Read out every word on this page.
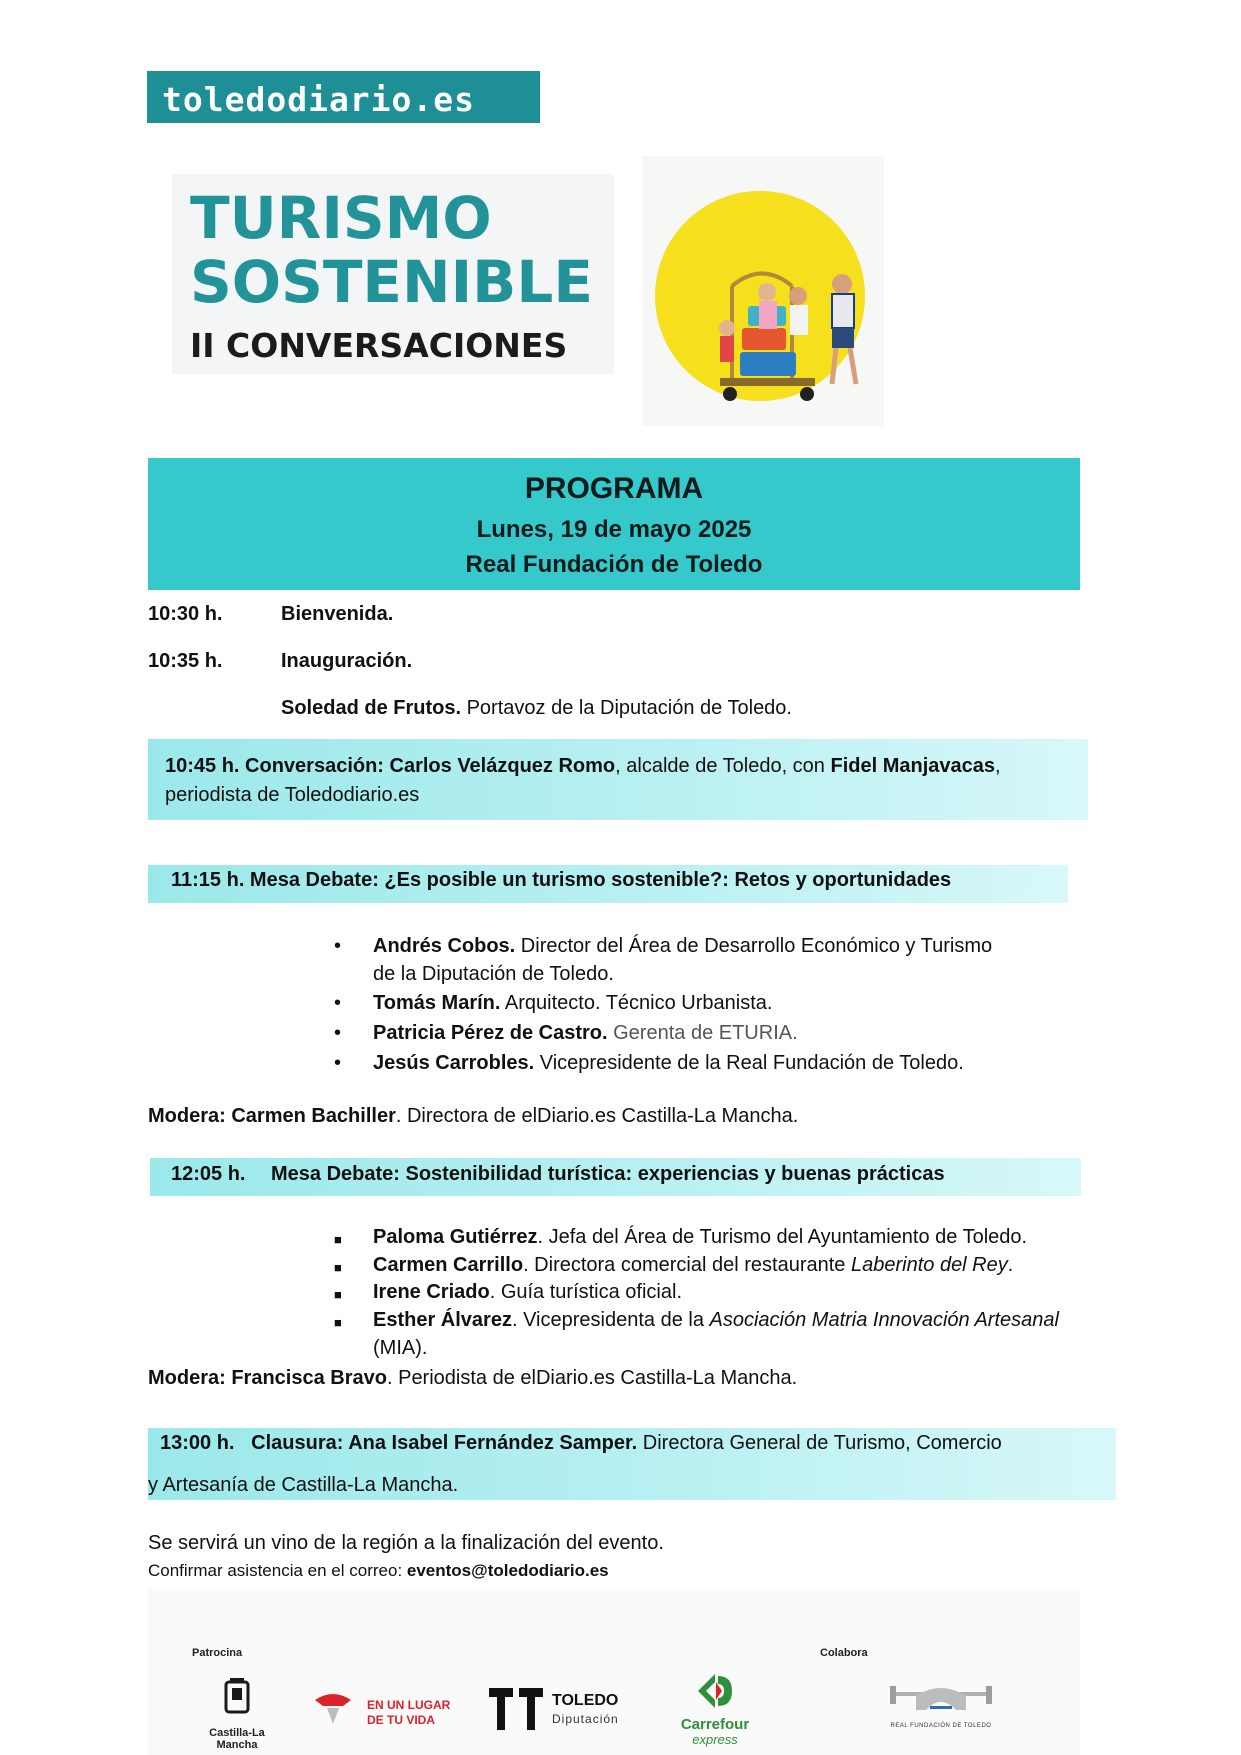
toledodiario.es
TURISMO
SOSTENIBLE
II CONVERSACIONES
PROGRAMA
Lunes, 19 de mayo 2025
Real Fundación de Toledo
10:30 h.	Bienvenida.
10:35 h.	Inauguración.
Soledad de Frutos. Portavoz de la Diputación de Toledo.
10:45 h. Conversación: Carlos Velázquez Romo, alcalde de Toledo, con Fidel Manjavacas,
periodista de Toledodiario.es
11:15 h. Mesa Debate: ¿Es posible un turismo sostenible?: Retos y oportunidades
• Andrés Cobos. Director del Área de Desarrollo Económico y Turismo
de la Diputación de Toledo.
• Tomás Marín. Arquitecto. Técnico Urbanista.
• Patricia Pérez de Castro. Gerenta de ETURIA.
• Jesús Carrobles. Vicepresidente de la Real Fundación de Toledo.
Modera: Carmen Bachiller. Directora de elDiario.es Castilla-La Mancha.
12:05 h. Mesa Debate: Sostenibilidad turística: experiencias y buenas prácticas
■ Paloma Gutiérrez. Jefa del Área de Turismo del Ayuntamiento de Toledo.
■ Carmen Carrillo. Directora comercial del restaurante Laberinto del Rey.
■ Irene Criado. Guía turística oficial.
■ Esther Álvarez. Vicepresidenta de la Asociación Matria Innovación Artesanal
(MIA).
Modera: Francisca Bravo. Periodista de elDiario.es Castilla-La Mancha.
13:00 h. Clausura: Ana Isabel Fernández Samper. Directora General de Turismo, Comercio
y Artesanía de Castilla-La Mancha.
Se servirá un vino de la región a la finalización del evento.
Confirmar asistencia en el correo: eventos@toledodiario.es
Patrocina	Colabora
Castilla-La Mancha
EN UN LUGAR
DE TU VIDA
TOLEDO
Diputación	Carrefour
express
REAL FUNDACIÓN DE TOLEDO
